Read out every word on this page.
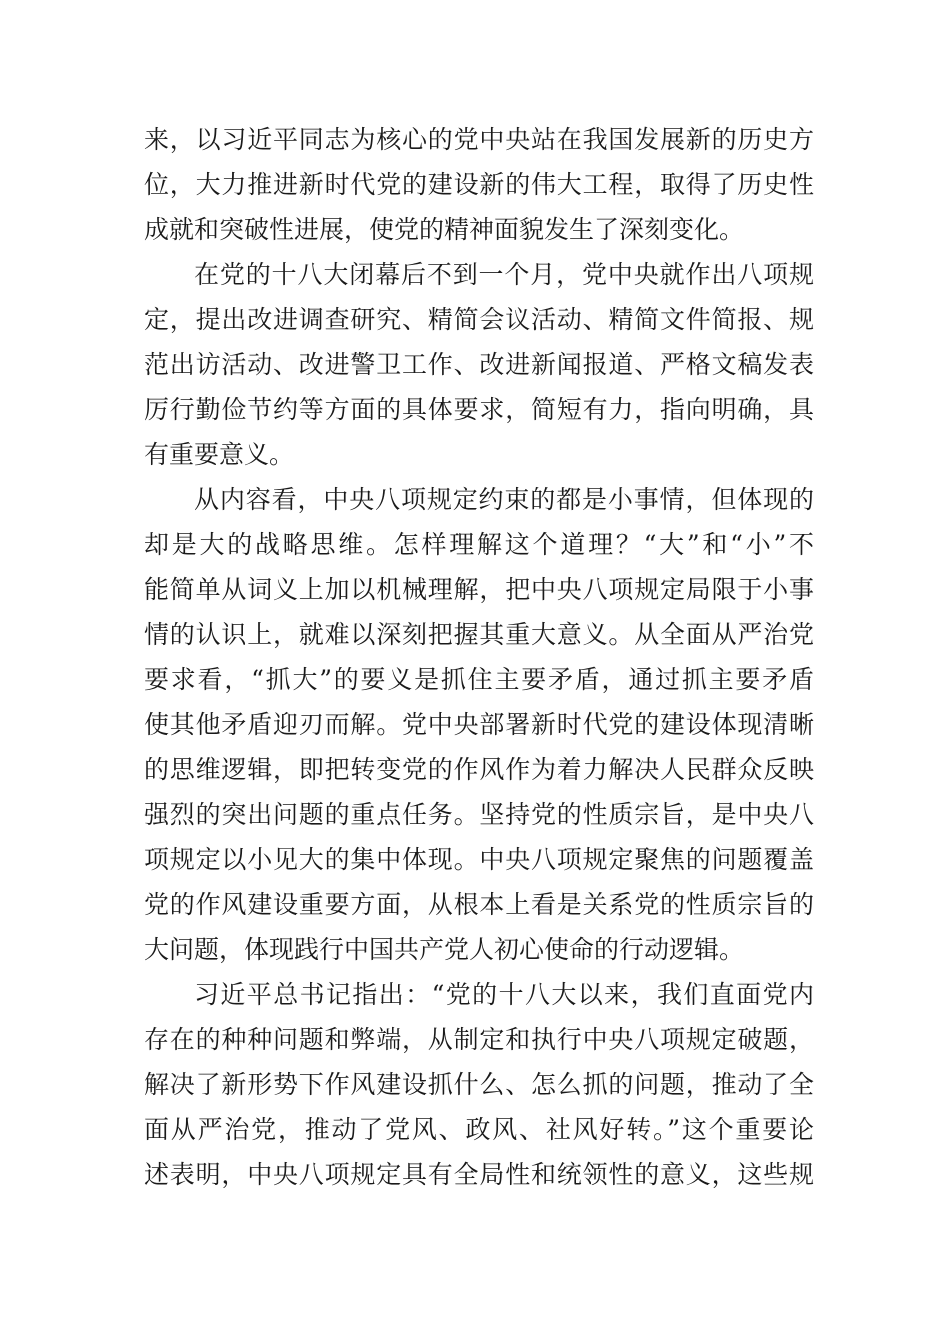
来，以习近平同志为核心的党中央站在我国发展新的历史方
位，大力推进新时代党的建设新的伟大工程，取得了历史性
成就和突破性进展，使党的精神面貌发生了深刻变化。
在党的十八大闭幕后不到一个月，党中央就作出八项规
定，提出改进调查研究、精简会议活动、精简文件简报、规
范出访活动、改进警卫工作、改进新闻报道、严格文稿发表
厉行勤俭节约等方面的具体要求，简短有力，指向明确，具
有重要意义。
从内容看，中央八项规定约束的都是小事情，但体现的
却是大的战略思维。怎样理解这个道理？“大”和“小”不
能简单从词义上加以机械理解，把中央八项规定局限于小事
情的认识上，就难以深刻把握其重大意义。从全面从严治党
要求看，“抓大”的要义是抓住主要矛盾，通过抓主要矛盾
使其他矛盾迎刃而解。党中央部署新时代党的建设体现清晰
的思维逻辑，即把转变党的作风作为着力解决人民群众反映
强烈的突出问题的重点任务。坚持党的性质宗旨，是中央八
项规定以小见大的集中体现。中央八项规定聚焦的问题覆盖
党的作风建设重要方面，从根本上看是关系党的性质宗旨的
大问题，体现践行中国共产党人初心使命的行动逻辑。
习近平总书记指出：“党的十八大以来，我们直面党内
存在的种种问题和弊端，从制定和执行中央八项规定破题，
解决了新形势下作风建设抓什么、怎么抓的问题，推动了全
面从严治党，推动了党风、政风、社风好转。”这个重要论
述表明，中央八项规定具有全局性和统领性的意义，这些规
